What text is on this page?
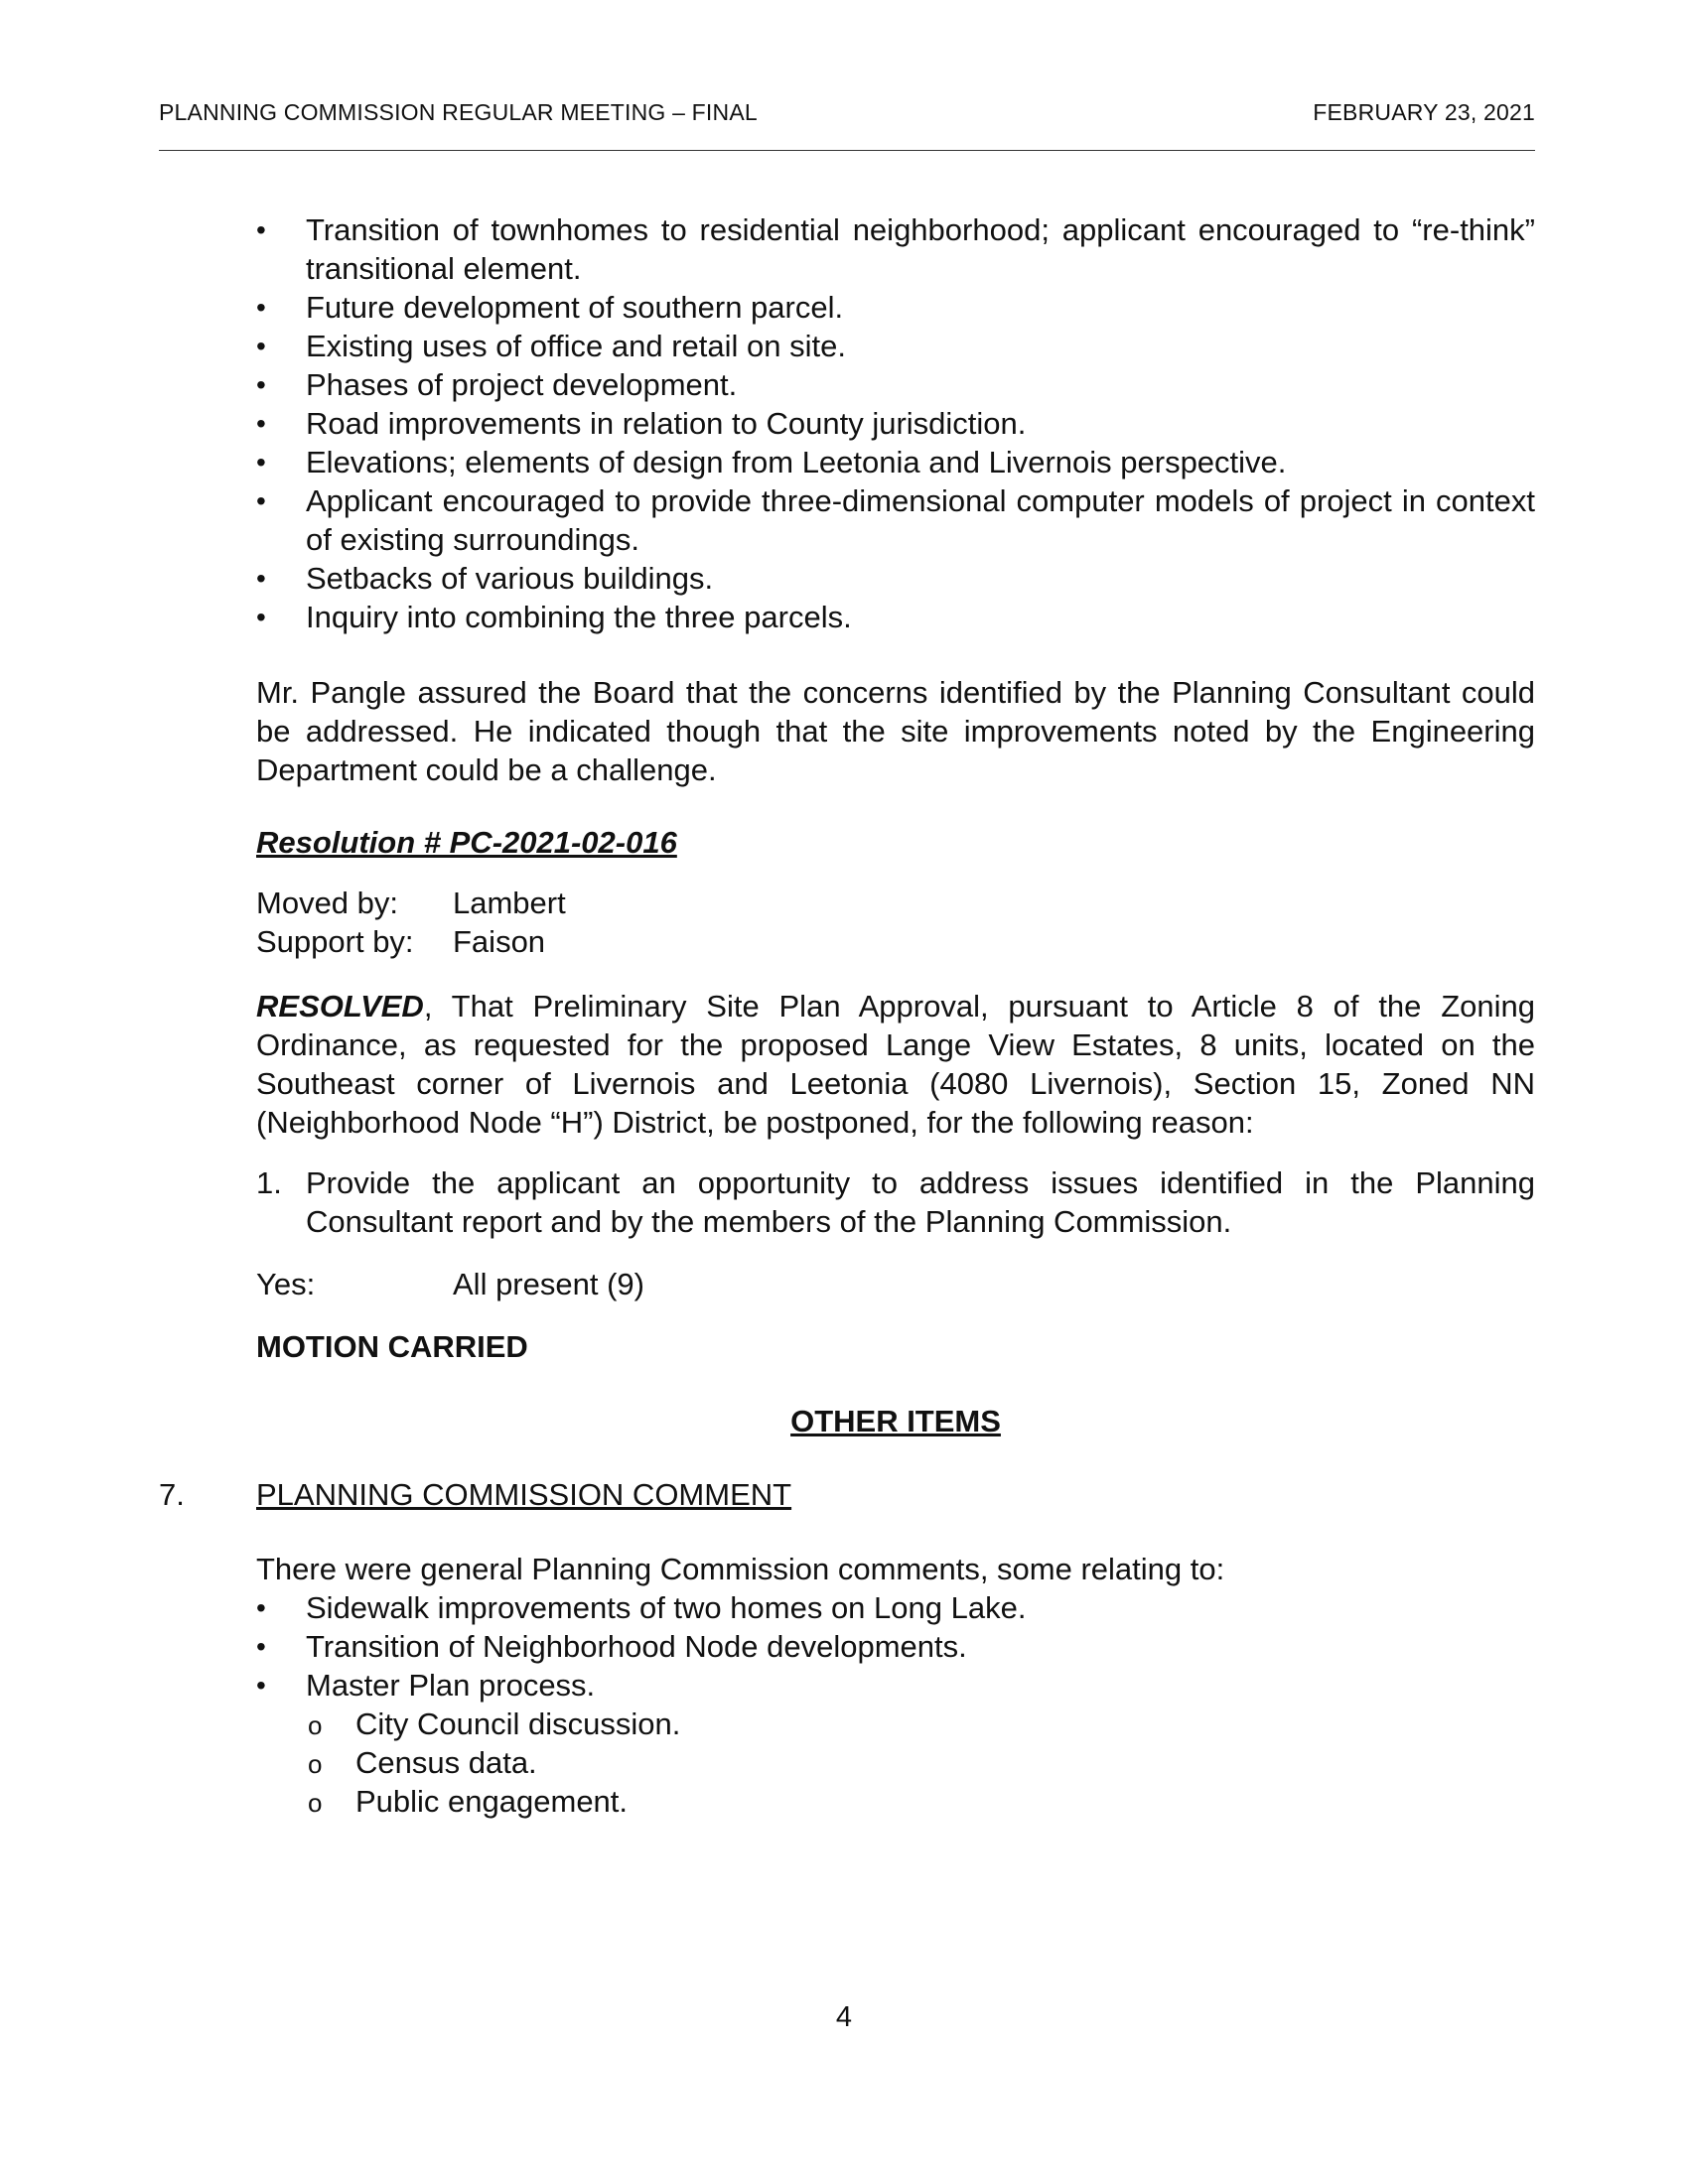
PLANNING COMMISSION REGULAR MEETING – FINAL	FEBRUARY 23, 2021
• Transition of townhomes to residential neighborhood; applicant encouraged to “re-think” transitional element.
• Future development of southern parcel.
• Existing uses of office and retail on site.
• Phases of project development.
• Road improvements in relation to County jurisdiction.
• Elevations; elements of design from Leetonia and Livernois perspective.
• Applicant encouraged to provide three-dimensional computer models of project in context of existing surroundings.
• Setbacks of various buildings.
• Inquiry into combining the three parcels.

Mr. Pangle assured the Board that the concerns identified by the Planning Consultant could be addressed. He indicated though that the site improvements noted by the Engineering Department could be a challenge.

Resolution # PC-2021-02-016
Moved by:	Lambert
Support by:	Faison
RESOLVED, That Preliminary Site Plan Approval, pursuant to Article 8 of the Zoning Ordinance, as requested for the proposed Lange View Estates, 8 units, located on the Southeast corner of Livernois and Leetonia (4080 Livernois), Section 15, Zoned NN (Neighborhood Node “H”) District, be postponed, for the following reason:
1. Provide the applicant an opportunity to address issues identified in the Planning Consultant report and by the members of the Planning Commission.
Yes:	All present (9)
MOTION CARRIED
OTHER ITEMS
7. PLANNING COMMISSION COMMENT
There were general Planning Commission comments, some relating to:
• Sidewalk improvements of two homes on Long Lake.
• Transition of Neighborhood Node developments.
• Master Plan process.
o City Council discussion.
o Census data.
o Public engagement.
4
